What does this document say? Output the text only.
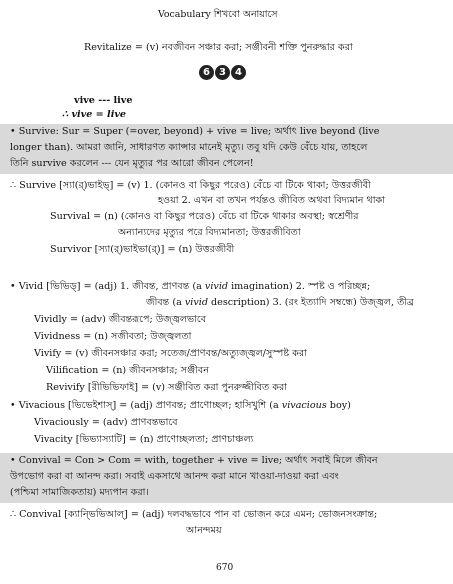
Vocabulary শিখবো অনায়াসে
Revitalize = (v) নবজীবন সঞ্চার করা; সঞ্জীবনী শক্তি পুনরুদ্ধার করা
6 3 4
vive --- live
∴ vive = live
• Survive: Sur = Super (=over, beyond) + vive = live; অর্থাৎ live beyond (live
longer than). আমরা জানি, সাধারণত ক্যান্সার মানেই মৃত্যু। তবু যদি কেউ বেঁচে যায়, তাহলে
তিনি survive করলেন --- যেন মৃত্যুর পর আরো জীবন পেলেন!
∴ Survive [স্যা(র্)ভাইভ্] = (v) 1. (কোনও বা কিছুর পরেও) বেঁচে বা টিকে থাকা; উত্তরজীবী
হওয়া 2. এখন বা তখন পর্যন্তও জীবিত অথবা বিদ্যমান থাকা
Survival = (n) (কোনও বা কিছুর পরেও) বেঁচে বা টিকে থাকার অবস্থা; স্বশ্রেণীর
অন্যান্যদের মৃত্যুর পরে বিদ্যমানতা; উত্তরজীবিতা
Survivor [স্যা(র্)ভাইভা(র্)] = (n) উত্তরজীবী
• Vivid [ভিভিড্] = (adj) 1. জীবন্ত, প্রাণবন্ত (a vivid imagination) 2. স্পষ্ট ও পরিচ্ছন্ন;
জীবন্ত (a vivid description) 3. (রং ইত্যাদি সম্বন্ধে) উজ্জ্বল, তীব্র
Vividly = (adv) জীবন্তরূপে; উজ্জ্বলভাবে
Vividness = (n) সজীবতা; উজ্জ্বলতা
Vivify = (v) জীবনসঞ্চার করা; সতেজ/প্রাণবন্ত/অত্যুজ্জ্বল/সুস্পষ্ট করা
Vilification = (n) জীবনসঞ্চার; সঞ্জীবন
Revivify [রীভিভিফাই] = (v) সঞ্জীবিত করা পুনরুজ্জীবিত করা
• Vivacious [ভিভেইশাস্] = (adj) প্রাণবন্ত; প্রাণোচ্ছল; হাসিখুশি (a vivacious boy)
Vivaciously = (adv) প্রাণবন্তভাবে
Vivacity [ভিভ্যাস্যাটি] = (n) প্রাণোচ্ছলতা; প্রাণচাঞ্চল্য
• Convival = Con > Com = with, together + vive = live; অর্থাৎ সবাই মিলে জীবন
উপভোগ করা বা আনন্দ করা। সবাই একসাথে আনন্দ করা মানে খাওয়া-দাওয়া করা এবং
(পশ্চিমা সামাজিকতায়) মদ্যপান করা।
∴ Convival [ক্যান্ভিভিআল্] = (adj) দলবদ্ধভাবে পান বা ভোজন করে এমন; ভোজনসংক্রান্ত;
আনন্দময়
670
